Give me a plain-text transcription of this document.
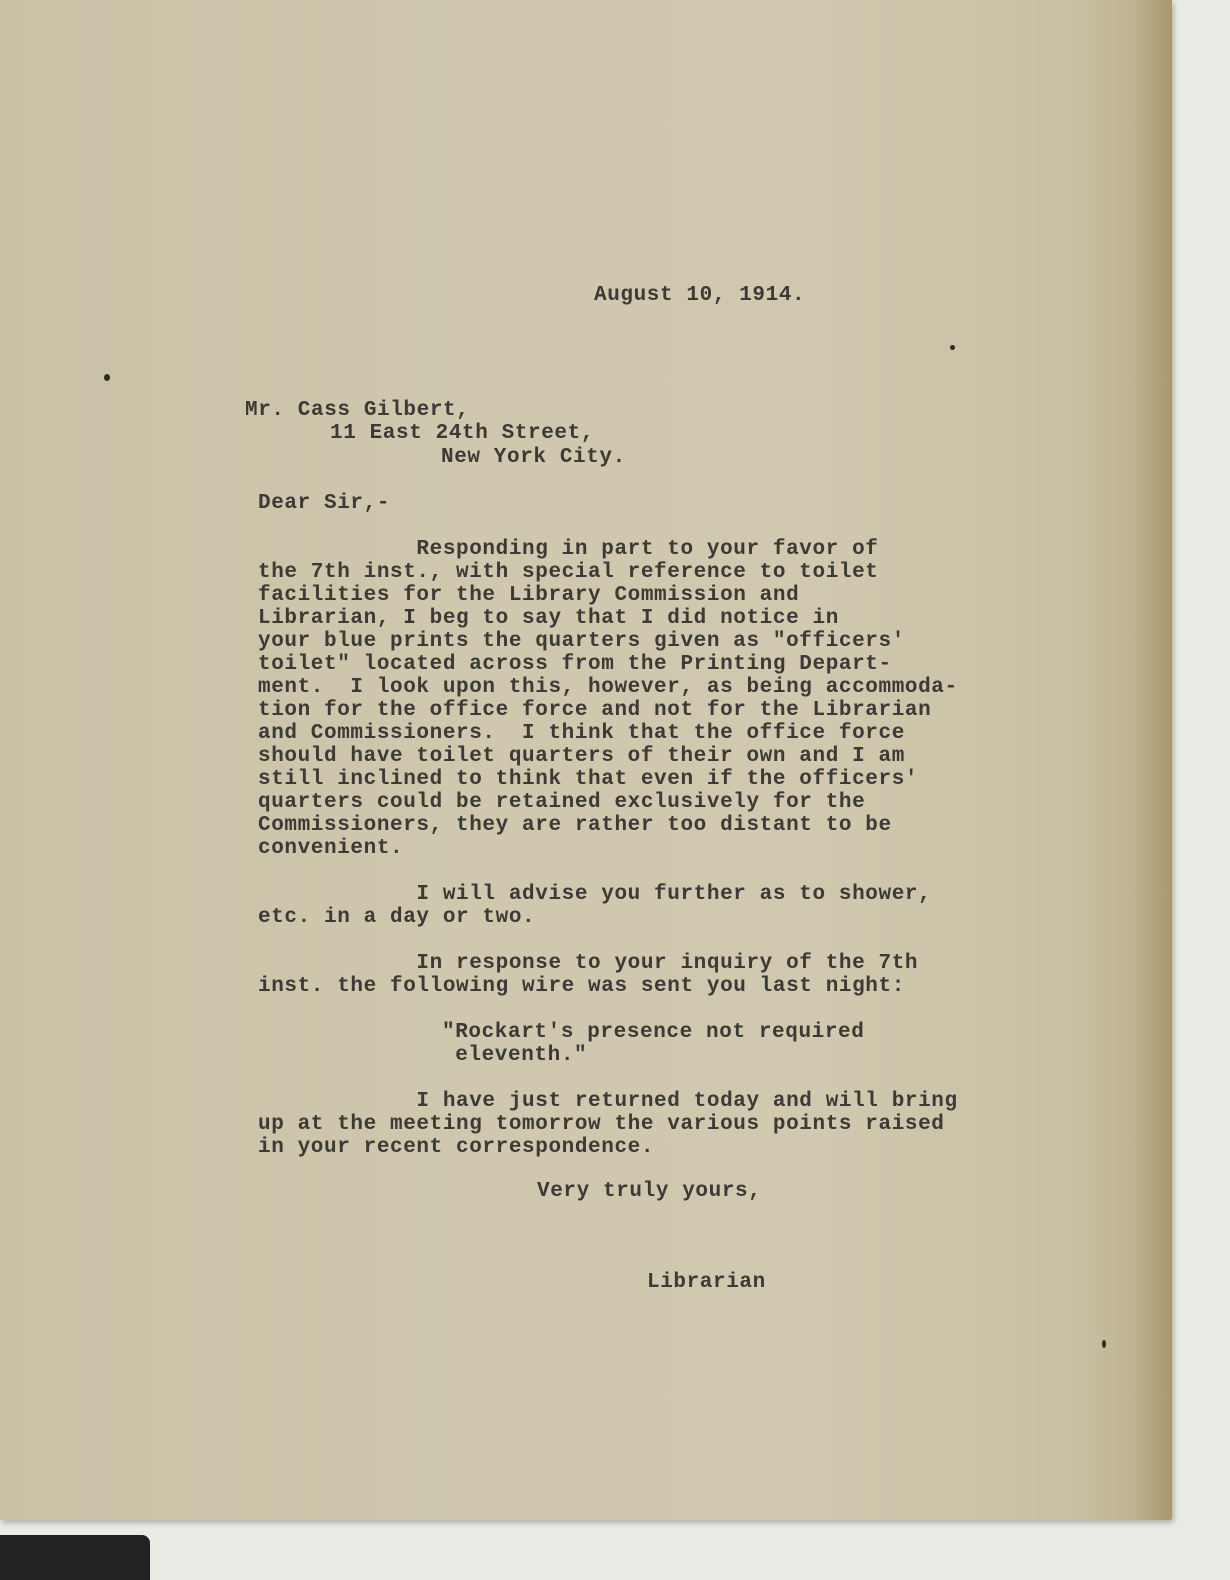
August 10, 1914.

Mr. Cass Gilbert,

11 East 24th Street,

New York City.

Dear Sir,-

Responding in part to your favor of
the 7th inst., with special reference to toilet
facilities for the Library Commission and
Librarian, I beg to say that I did notice in
your blue prints the quarters given as "officers'
toilet" located across from the Printing Depart-
ment.  I look upon this, however, as being accommoda-
tion for the office force and not for the Librarian
and Commissioners.  I think that the office force
should have toilet quarters of their own and I am
still inclined to think that even if the officers'
quarters could be retained exclusively for the
Commissioners, they are rather too distant to be
convenient.

I will advise you further as to shower,
etc. in a day or two.

In response to your inquiry of the 7th
inst. the following wire was sent you last night:

"Rockart's presence not required
eleventh."

I have just returned today and will bring
up at the meeting tomorrow the various points raised
in your recent correspondence.

Very truly yours,

Librarian
